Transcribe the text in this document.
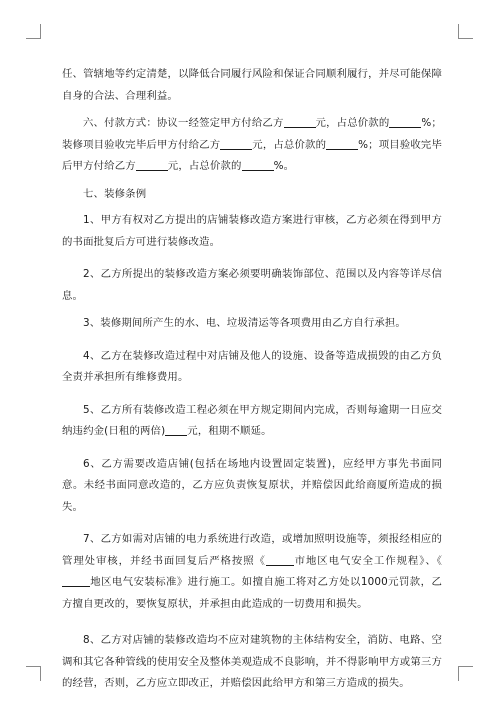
任、管辖地等约定清楚，以降低合同履行风险和保证合同顺利履行，并尽可能保障自身的合法、合理利益。

六、付款方式：协议一经签定甲方付给乙方	元，占总价款的	%；装修项目验收完毕后甲方付给乙方	元，占总价款的	%；项目验收完毕后甲方付给乙方	元，占总价款的	%。

七、装修条例

1、甲方有权对乙方提出的店铺装修改造方案进行审核，乙方必须在得到甲方的书面批复后方可进行装修改造。

2、乙方所提出的装修改造方案必须要明确装饰部位、范围以及内容等详尽信息。

3、装修期间所产生的水、电、垃圾清运等各项费用由乙方自行承担。

4、乙方在装修改造过程中对店铺及他人的设施、设备等造成损毁的由乙方负全责并承担所有维修费用。

5、乙方所有装修改造工程必须在甲方规定期间内完成，否则每逾期一日应交纳违约金(日租的两倍) 元，租期不顺延。

6、乙方需要改造店铺(包括在场地内设置固定装置)，应经甲方事先书面同意。未经书面同意改造的，乙方应负责恢复原状，并赔偿因此给商厦所造成的损失。

7、乙方如需对店铺的电力系统进行改造，或增加照明设施等，须报经相应的管理处审核，并经书面回复后严格按照《	市地区电气安全工作规程》、《地区电气安装标准》进行施工。如擅自施工将对乙方处以1000元罚款，乙方擅自更改的，要恢复原状，并承担由此造成的一切费用和损失。

8、乙方对店铺的装修改造均不应对建筑物的主体结构安全，消防、电路、空调和其它各种管线的使用安全及整体美观造成不良影响，并不得影响甲方或第三方的经营，否则，乙方应立即改正，并赔偿因此给甲方和第三方造成的损失。
